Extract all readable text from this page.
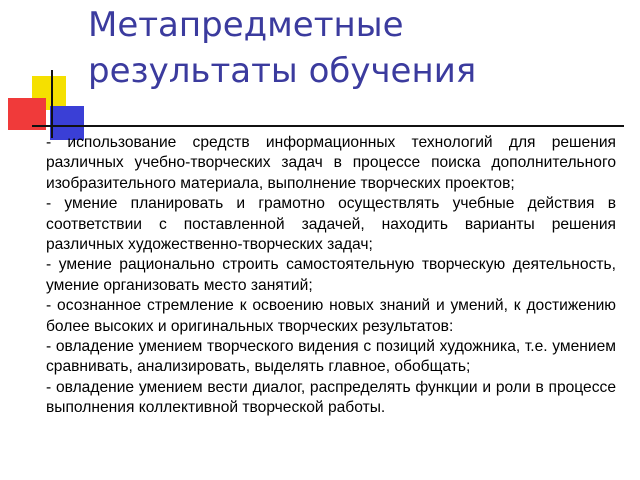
Метапредметные
результаты обучения

- использование средств информационных технологий для решения различных учебно-творческих задач в процессе поиска дополнительного изобразительного материала, выполнение творческих проектов;

- умение планировать и грамотно осуществлять учебные действия в соответствии с поставленной задачей, находить варианты решения различных художественно-творческих задач;

- умение рационально строить самостоятельную творческую деятельность, умение организовать место занятий;

- осознанное стремление к освоению новых знаний и умений, к достижению более высоких и оригинальных творческих результатов:

- овладение умением творческого видения с позиций художника, т.е. умением сравнивать, анализировать, выделять главное, обобщать;

- овладение умением вести диалог, распределять функции и роли в процессе выполнения коллективной творческой работы.
